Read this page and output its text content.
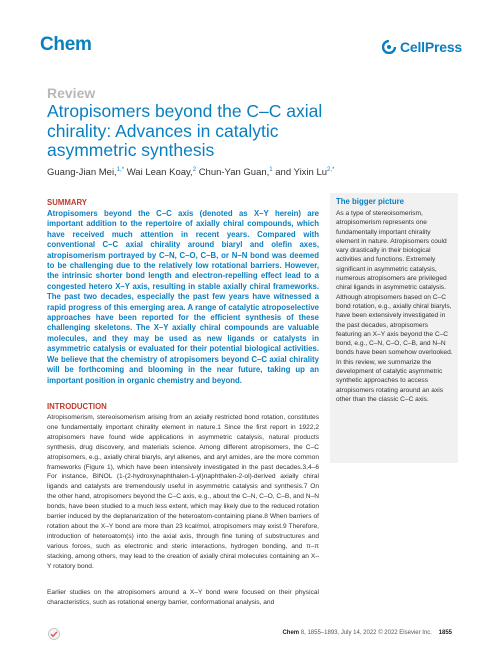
Chem	CellPress
Review
Atropisomers beyond the C–C axial chirality: Advances in catalytic asymmetric synthesis
Guang-Jian Mei,$^{1,*}$ Wai Lean Koay,$^2$ Chun-Yan Guan,$^1$ and Yixin $Lu^{2,*}$
SUMMARY
Atropisomers beyond the C–C axis (denoted as X–Y herein) are important addition to the repertoire of axially chiral compounds, which have received much attention in recent years. Compared with conventional C–C axial chirality around biaryl and olefin axes, atropisomerism portrayed by C–N, C–O, C–B, or N–N bond was deemed to be challenging due to the relatively low rotational barriers. However, the intrinsic shorter bond length and electron-repelling effect lead to a congested hetero X–Y axis, resulting in stable axially chiral frameworks. The past two decades, especially the past few years have witnessed a rapid progress of this emerging area. A range of catalytic atroposelective approaches have been reported for the efficient synthesis of these challenging skeletons. The X–Y axially chiral compounds are valuable molecules, and they may be used as new ligands or catalysts in asymmetric catalysis or evaluated for their potential biological activities. We believe that the chemistry of atropisomers beyond C–C axial chirality will be forthcoming and blooming in the near future, taking up an important position in organic chemistry and beyond.
The bigger picture
As a type of stereoisomerism, atropisomerism represents one fundamentally important chirality element in nature. Atropisomers could vary drastically in their biological activities and functions. Extremely significant in asymmetric catalysis, numerous atropisomers are privileged chiral ligands in asymmetric catalysis. Although atropisomers based on C–C bond rotation, e.g., axially chiral biaryls, have been extensively investigated in the past decades, atropisomers featuring an X–Y axis beyond the C–C bond, e.g., C–N, C–O, C–B, and N–N bonds have been somehow overlooked. In this review, we summarize the development of catalytic asymmetric synthetic approaches to access atropisomers rotating around an axis other than the classic C–C axis.
INTRODUCTION
Atropisomerism, stereoisomerism arising from an axially restricted bond rotation, constitutes one fundamentally important chirality element in nature.1 Since the first report in 1922,2 atropisomers have found wide applications in asymmetric catalysis, natural products synthesis, drug discovery, and materials science. Among different atropisomers, the C–C atropisomers, e.g., axially chiral biaryls, aryl alkenes, and aryl amides, are the more common frameworks (Figure 1), which have been intensively investigated in the past decades.3,4–6 For instance, BINOL (1-(2-hydroxynaphthalen-1-yl)naphthalen-2-ol)-derived axially chiral ligands and catalysts are tremendously useful in asymmetric catalysis and synthesis.7 On the other hand, atropisomers beyond the C–C axis, e.g., about the C–N, C–O, C–B, and N–N bonds, have been studied to a much less extent, which may likely due to the reduced rotation barrier induced by the deplanarization of the heteroatom-containing plane.8 When barriers of rotation about the X–Y bond are more than 23 kcal/mol, atropisomers may exist.9 Therefore, introduction of heteroatom(s) into the axial axis, through fine tuning of substructures and various forces, such as electronic and steric interactions, hydrogen bonding, and π–π stacking, among others, may lead to the creation of axially chiral molecules containing an X–Y rotatory bond.
Earlier studies on the atropisomers around a X–Y bond were focused on their physical characteristics, such as rotational energy barrier, conformational analysis, and
Chem 8, 1855–1893, July 14, 2022 © 2022 Elsevier Inc. 1855
